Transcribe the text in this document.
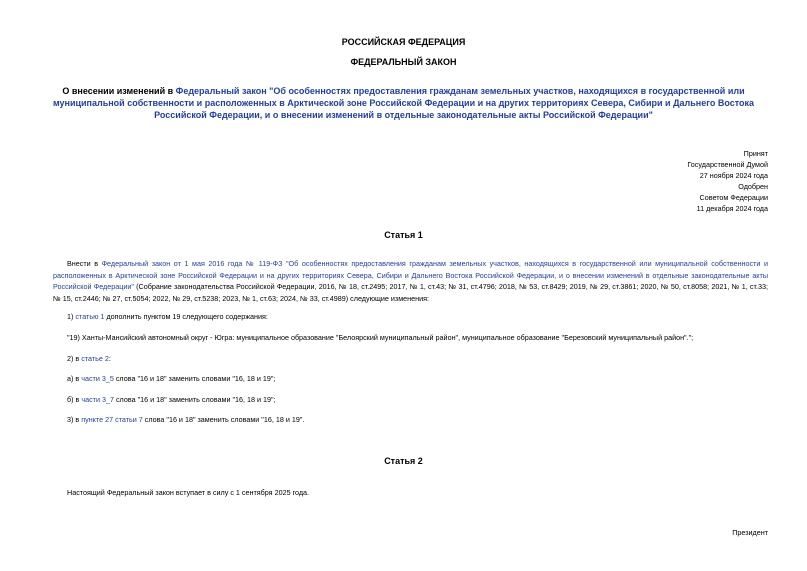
РОССИЙСКАЯ ФЕДЕРАЦИЯ
ФЕДЕРАЛЬНЫЙ ЗАКОН
О внесении изменений в Федеральный закон "Об особенностях предоставления гражданам земельных участков, находящихся в государственной или муниципальной собственности и расположенных в Арктической зоне Российской Федерации и на других территориях Севера, Сибири и Дальнего Востока Российской Федерации, и о внесении изменений в отдельные законодательные акты Российской Федерации"
Принят
Государственной Думой
27 ноября 2024 года
Одобрен
Советом Федерации
11 декабря 2024 года
Статья 1
Внести в Федеральный закон от 1 мая 2016 года № 119-ФЗ "Об особенностях предоставления гражданам земельных участков, находящихся в государственной или муниципальной собственности и расположенных в Арктической зоне Российской Федерации и на других территориях Севера, Сибири и Дальнего Востока Российской Федерации, и о внесении изменений в отдельные законодательные акты Российской Федерации" (Собрание законодательства Российской Федерации, 2016, № 18, ст.2495; 2017, № 1, ст.43; № 31, ст.4796; 2018, № 53, ст.8429; 2019, № 29, ст.3861; 2020, № 50, ст.8058; 2021, № 1, ст.33; № 15, ст.2446; № 27, ст.5054; 2022, № 29, ст.5238; 2023, № 1, ст.63; 2024, № 33, ст.4989) следующие изменения:
1) статью 1 дополнить пунктом 19 следующего содержания:
"19) Ханты-Мансийский автономный округ - Югра: муниципальное образование "Белоярский муниципальный район", муниципальное образование "Березовский муниципальный район".";
2) в статье 2:
а) в части 3_5 слова "16 и 18" заменить словами "16, 18 и 19";
б) в части 3_7 слова "16 и 18" заменить словами "16, 18 и 19";
3) в пункте 27 статьи 7 слова "16 и 18" заменить словами "16, 18 и 19".
Статья 2
Настоящий Федеральный закон вступает в силу с 1 сентября 2025 года.
Президент
